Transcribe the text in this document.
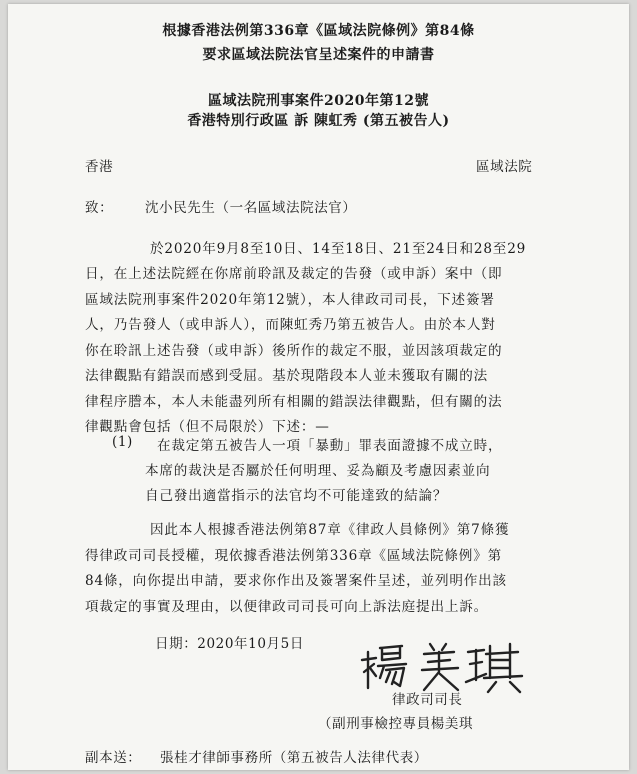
根據香港法例第336章《區域法院條例》第84條
要求區域法院法官呈述案件的申請書
區域法院刑事案件2020年第12號
香港特別行政區 訴 陳虹秀 (第五被告人)
香港	區域法院
致： 沈小民先生（一名區域法院法官）
於2020年9月8至10日、14至18日、21至24日和28至29
日，在上述法院經在你席前聆訊及裁定的告發（或申訴）案中（即
區域法院刑事案件2020年第12號），本人律政司司長，下述簽署
人，乃告發人（或申訴人），而陳虹秀乃第五被告人。由於本人對
你在聆訊上述告發（或申訴）後所作的裁定不服，並因該項裁定的
法律觀點有錯誤而感到受屈。基於現階段本人並未獲取有關的法
律程序謄本，本人未能盡列所有相關的錯誤法律觀點，但有關的法
律觀點會包括（但不局限於）下述：—
(1) 在裁定第五被告人一項「暴動」罪表面證據不成立時，
本席的裁決是否屬於任何明理、妥為顧及考慮因素並向
自己發出適當指示的法官均不可能達致的結論？
因此本人根據香港法例第87章《律政人員條例》第7條獲
得律政司司長授權，現依據香港法例第336章《區域法院條例》第
84條，向你提出申請，要求你作出及簽署案件呈述，並列明作出該
項裁定的事實及理由，以便律政司司長可向上訴法庭提出上訴。
日期：2020年10月5日
律政司司長
（副刑事檢控專員楊美琪
副本送： 張桂才律師事務所（第五被告人法律代表）
